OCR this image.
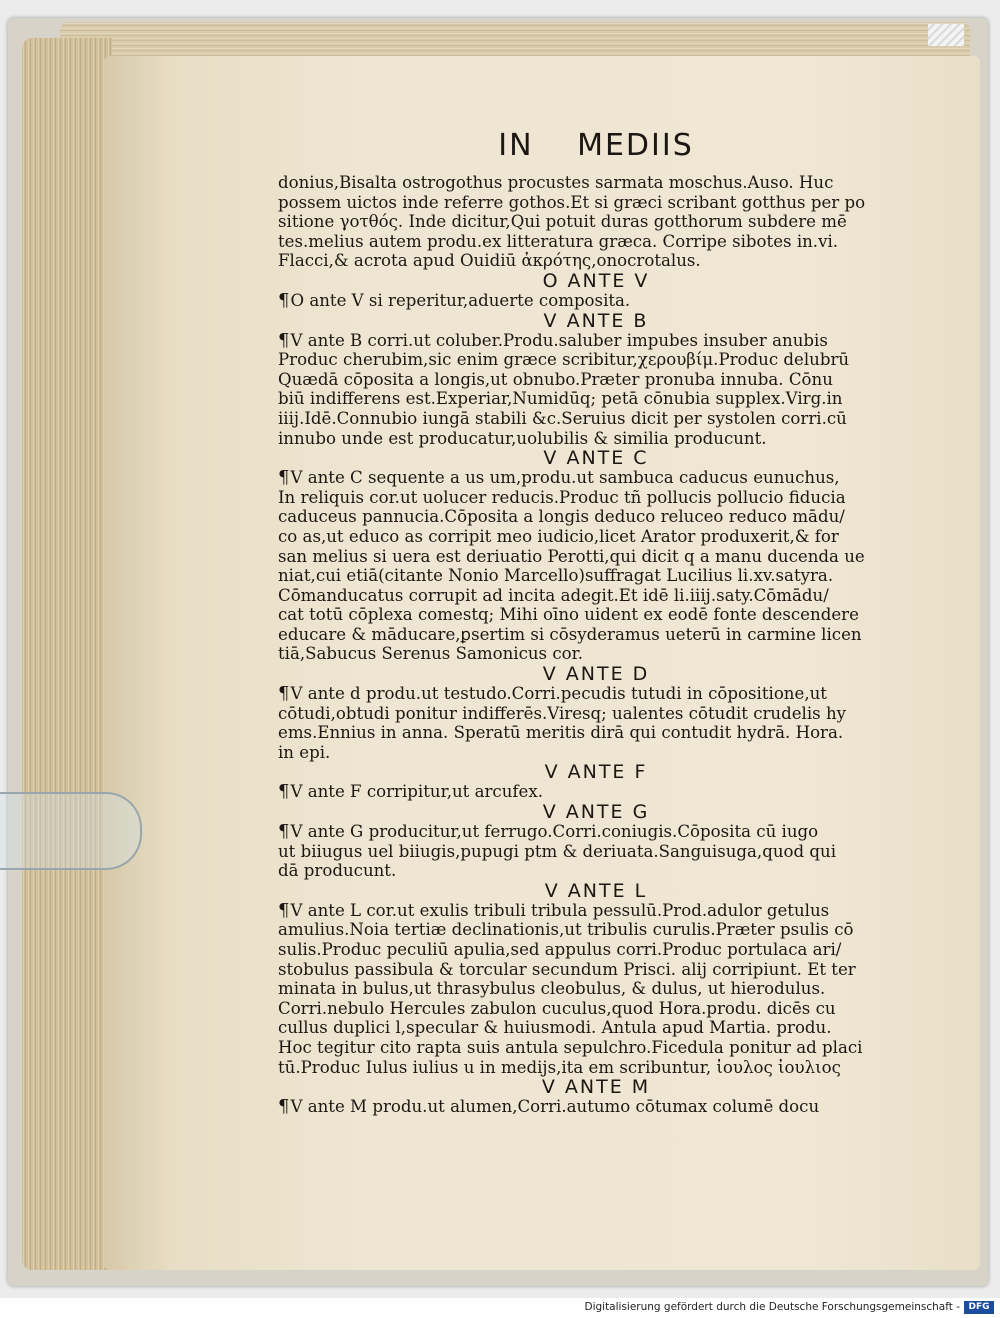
IN MEDIIS
donius,Bisalta ostrogothus procustes sarmata moschus.Auso. Huc
possem uictos inde referre gothos.Et si græci scribant gotthus per po
sitione γοτθός. Inde dicitur,Qui potuit duras gotthorum subdere mē
tes.melius autem produ.ex litteratura græca. Corripe sibotes in.vi.
Flacci,& acrota apud Ouidiū ἀκρότης,onocrotalus.
O ANTE V
¶O ante V si reperitur,aduerte composita.
V ANTE B
¶V ante B corri.ut coluber.Produ.saluber impubes insuber anubis
Produc cherubim,sic enim græce scribitur,χερουβίμ.Produc delubrū
Quædā cōposita a longis,ut obnubo.Præter pronuba innuba. Cōnu
biū indifferens est.Experiar,Numidūq; petā cōnubia supplex.Virg.in
iiij.Idē.Connubio iungā stabili &c.Seruius dicit per systolen corri.cū
innubo unde est producatur,uolubilis & similia producunt.
V ANTE C
¶V ante C sequente a us um,produ.ut sambuca caducus eunuchus,
In reliquis cor.ut uolucer reducis.Produc tñ pollucis pollucio fiducia
caduceus pannucia.Cōposita a longis deduco reluceo reduco mādu/
co as,ut educo as corripit meo iudicio,licet Arator produxerit,& for
san melius si uera est deriuatio Perotti,qui dicit q a manu ducenda ue
niat,cui etiā(citante Nonio Marcello)suffragat Lucilius li.xv.satyra.
Cōmanducatus corrupit ad incita adegit.Et idē li.iiij.saty.Cōmādu/
cat totū cōplexa comestq; Mihi oīno uident ex eodē fonte descendere
educare & māducare,ꝑsertim si cōsyderamus ueterū in carmine licen
tiā,Sabucus Serenus Samonicus cor.
V ANTE D
¶V ante d produ.ut testudo.Corri.pecudis tutudi in cōpositione,ut
cōtudi,obtudi ponitur indifferēs.Viresq; ualentes cōtudit crudelis hy
ems.Ennius in anna. Speratū meritis dirā qui contudit hydrā. Hora.
in epi.
V ANTE F
¶V ante F corripitur,ut arcufex.
V ANTE G
¶V ante G producitur,ut ferrugo.Corri.coniugis.Cōposita cū iugo
ut biiugus uel biiugis,pupugi ptm & deriuata.Sanguisuga,quod qui
dā producunt.
V ANTE L
¶V ante L cor.ut exulis tribuli tribula pessulū.Prod.adulor getulus
amulius.Noia tertiæ declinationis,ut tribulis curulis.Præter psulis cō
sulis.Produc peculiū apulia,sed appulus corri.Produc portulaca ari/
stobulus passibula & torcular secundum Prisci. alij corripiunt. Et ter
minata in bulus,ut thrasybulus cleobulus, & dulus, ut hierodulus.
Corri.nebulo Hercules zabulon cuculus,quod Hora.produ. dicēs cu
cullus duplici l,specular & huiusmodi. Antula apud Martia. produ.
Hoc tegitur cito rapta suis antula sepulchro.Ficedula ponitur ad placi
tū.Produc Iulus iulius u in medijs,ita em scribuntur, ἰουλος ἰουλιος
V ANTE M
¶V ante M produ.ut alumen,Corri.autumo cōtumax columē docu
Digitalisierung gefördert durch die Deutsche Forschungsgemeinschaft - DFG
